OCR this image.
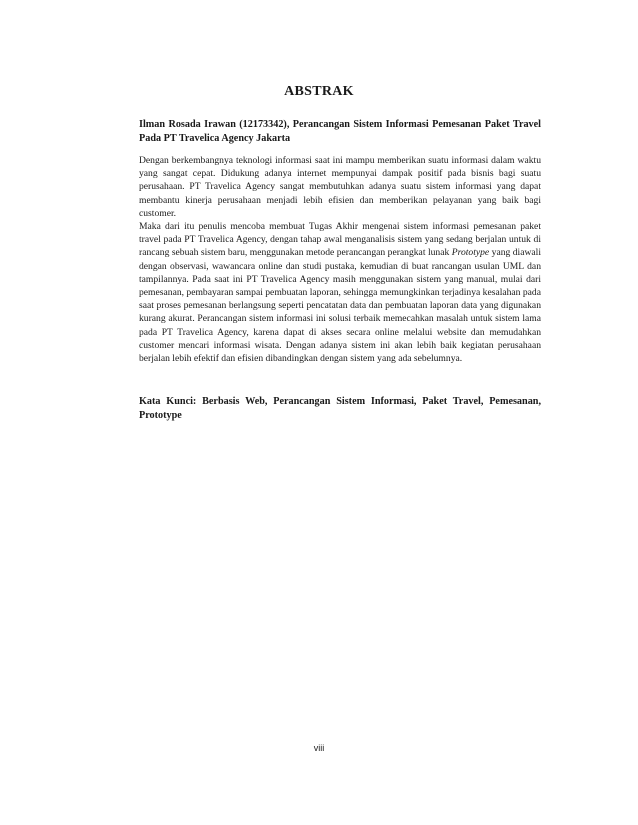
ABSTRAK

Ilman Rosada Irawan (12173342), Perancangan Sistem Informasi Pemesanan Paket Travel Pada PT Travelica Agency Jakarta

Dengan berkembangnya teknologi informasi saat ini mampu memberikan suatu informasi dalam waktu yang sangat cepat. Didukung adanya internet mempunyai dampak positif pada bisnis bagi suatu perusahaan. PT Travelica Agency sangat membutuhkan adanya suatu sistem informasi yang dapat membantu kinerja perusahaan menjadi lebih efisien dan memberikan pelayanan yang baik bagi customer.

Maka dari itu penulis mencoba membuat Tugas Akhir mengenai sistem informasi pemesanan paket travel pada PT Travelica Agency, dengan tahap awal menganalisis sistem yang sedang berjalan untuk di rancang sebuah sistem baru, menggunakan metode perancangan perangkat lunak Prototype yang diawali dengan observasi, wawancara online dan studi pustaka, kemudian di buat rancangan usulan UML dan tampilannya. Pada saat ini PT Travelica Agency masih menggunakan sistem yang manual, mulai dari pemesanan, pembayaran sampai pembuatan laporan, sehingga memungkinkan terjadinya kesalahan pada saat proses pemesanan berlangsung seperti pencatatan data dan pembuatan laporan data yang digunakan kurang akurat. Perancangan sistem informasi ini solusi terbaik memecahkan masalah untuk sistem lama pada PT Travelica Agency, karena dapat di akses secara online melalui website dan memudahkan customer mencari informasi wisata. Dengan adanya sistem ini akan lebih baik kegiatan perusahaan berjalan lebih efektif dan efisien dibandingkan dengan sistem yang ada sebelumnya.

Kata Kunci: Berbasis Web, Perancangan Sistem Informasi, Paket Travel, Pemesanan, Prototype
viii
